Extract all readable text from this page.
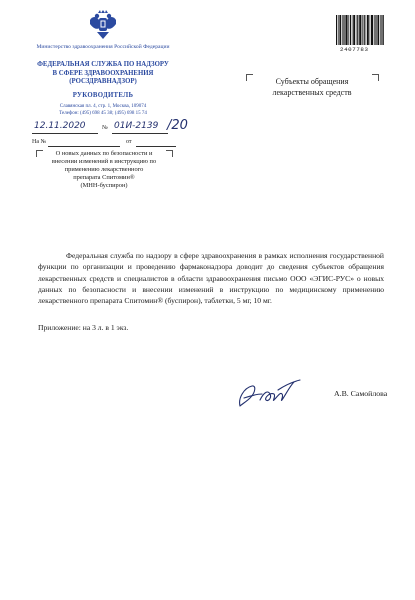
Министерство здравоохранения Российской Федерации
ФЕДЕРАЛЬНАЯ СЛУЖБА ПО НАДЗОРУ
В СФЕРЕ ЗДРАВООХРАНЕНИЯ
(РОСЗДРАВНАДЗОР)
РУКОВОДИТЕЛЬ
Славянская пл. 4, стр. 1, Москва, 109074
Телефон: (495) 698 45 38; (495) 698 15 74
12.11.2020	№ 01И-2139 /20
На №	от
О новых данных по безопасности и
внесении изменений в инструкцию по
применению лекарственного
препарата Спитомин®
(МНН-буспирон)
2407783
Субъекты обращения
лекарственных средств

Федеральная служба по надзору в сфере здравоохранения в рамках исполнения государственной функции по организации и проведению фармаконадзора доводит до сведения субъектов обращения лекарственных средств и специалистов в области здравоохранения письмо ООО «ЭГИС-РУС» о новых данных по безопасности и внесении изменений в инструкцию по медицинскому применению лекарственного препарата Спитомин® (буспирон), таблетки, 5 мг, 10 мг.

Приложение: на 3 л. в 1 экз.
А.В. Самойлова
